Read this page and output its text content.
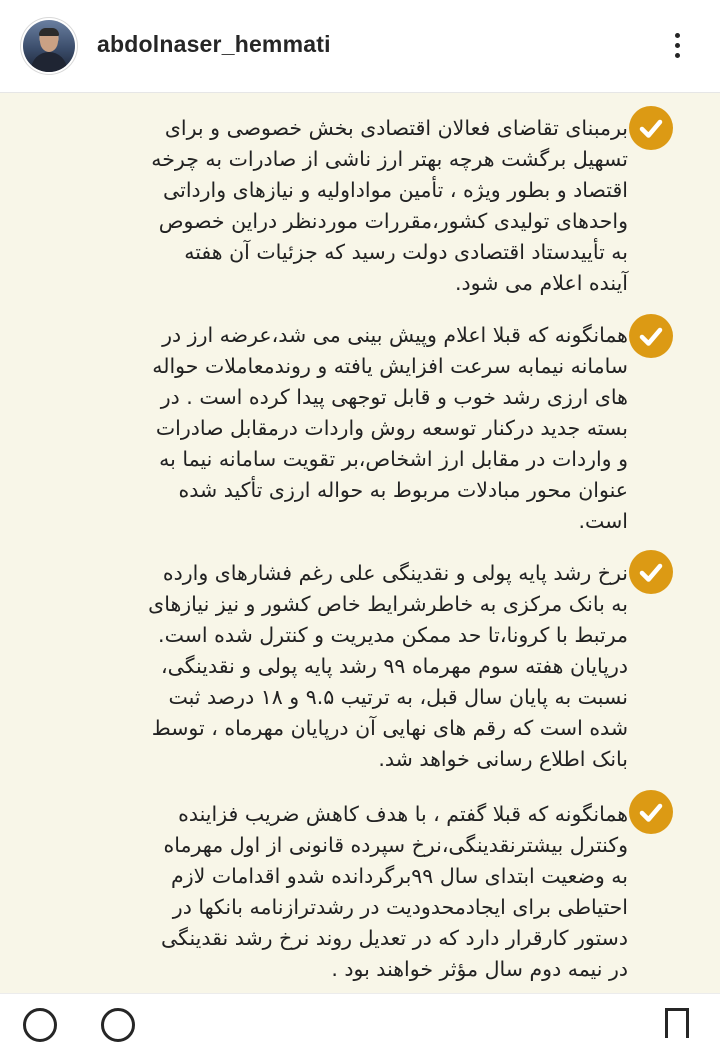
abdolnaser_hemmati
برمبنای تقاضای فعالان اقتصادی بخش خصوصی و برای
تسهیل برگشت هرچه بهتر ارز ناشی از صادرات به چرخه
اقتصاد و بطور ویژه ، تأمین مواداولیه و نیازهای وارداتی
واحدهای تولیدی کشور،مقررات موردنظر دراین خصوص
به تأییدستاد اقتصادی دولت رسید که جزئیات آن هفته
آینده اعلام می شود.
همانگونه که قبلا اعلام وپیش بینی می شد،عرضه ارز در
سامانه نیمابه سرعت افزایش یافته و روندمعاملات حواله
های ارزی رشد خوب و قابل توجهی پیدا کرده است . در
بسته جدید درکنار توسعه روش واردات درمقابل صادرات
و واردات در مقابل ارز اشخاص،بر تقویت سامانه نیما به
عنوان محور مبادلات مربوط به حواله ارزی تأکید شده
است.
نرخ رشد پایه پولی و نقدینگی علی رغم فشارهای وارده
به بانک مرکزی به خاطرشرایط خاص کشور و نیز نیازهای
مرتبط با کرونا،تا حد ممکن مدیریت و کنترل شده است.
درپایان هفته سوم مهرماه ۹۹ رشد پایه پولی و نقدینگی،
نسبت به پایان سال قبل، به ترتیب ۹.۵ و ۱۸ درصد ثبت
شده است که رقم های نهایی آن درپایان مهرماه ، توسط
بانک اطلاع رسانی خواهد شد.
همانگونه که قبلا گفتم ، با هدف کاهش ضریب فزاینده
وکنترل بیشترنقدینگی،نرخ سپرده قانونی از اول مهرماه
به وضعیت ابتدای سال ۹۹برگردانده شدو اقدامات لازم
احتیاطی برای ایجادمحدودیت در رشدترازنامه بانکها در
دستور کارقرار دارد که در تعدیل روند نرخ رشد نقدینگی
در نیمه دوم سال مؤثر خواهند بود .
